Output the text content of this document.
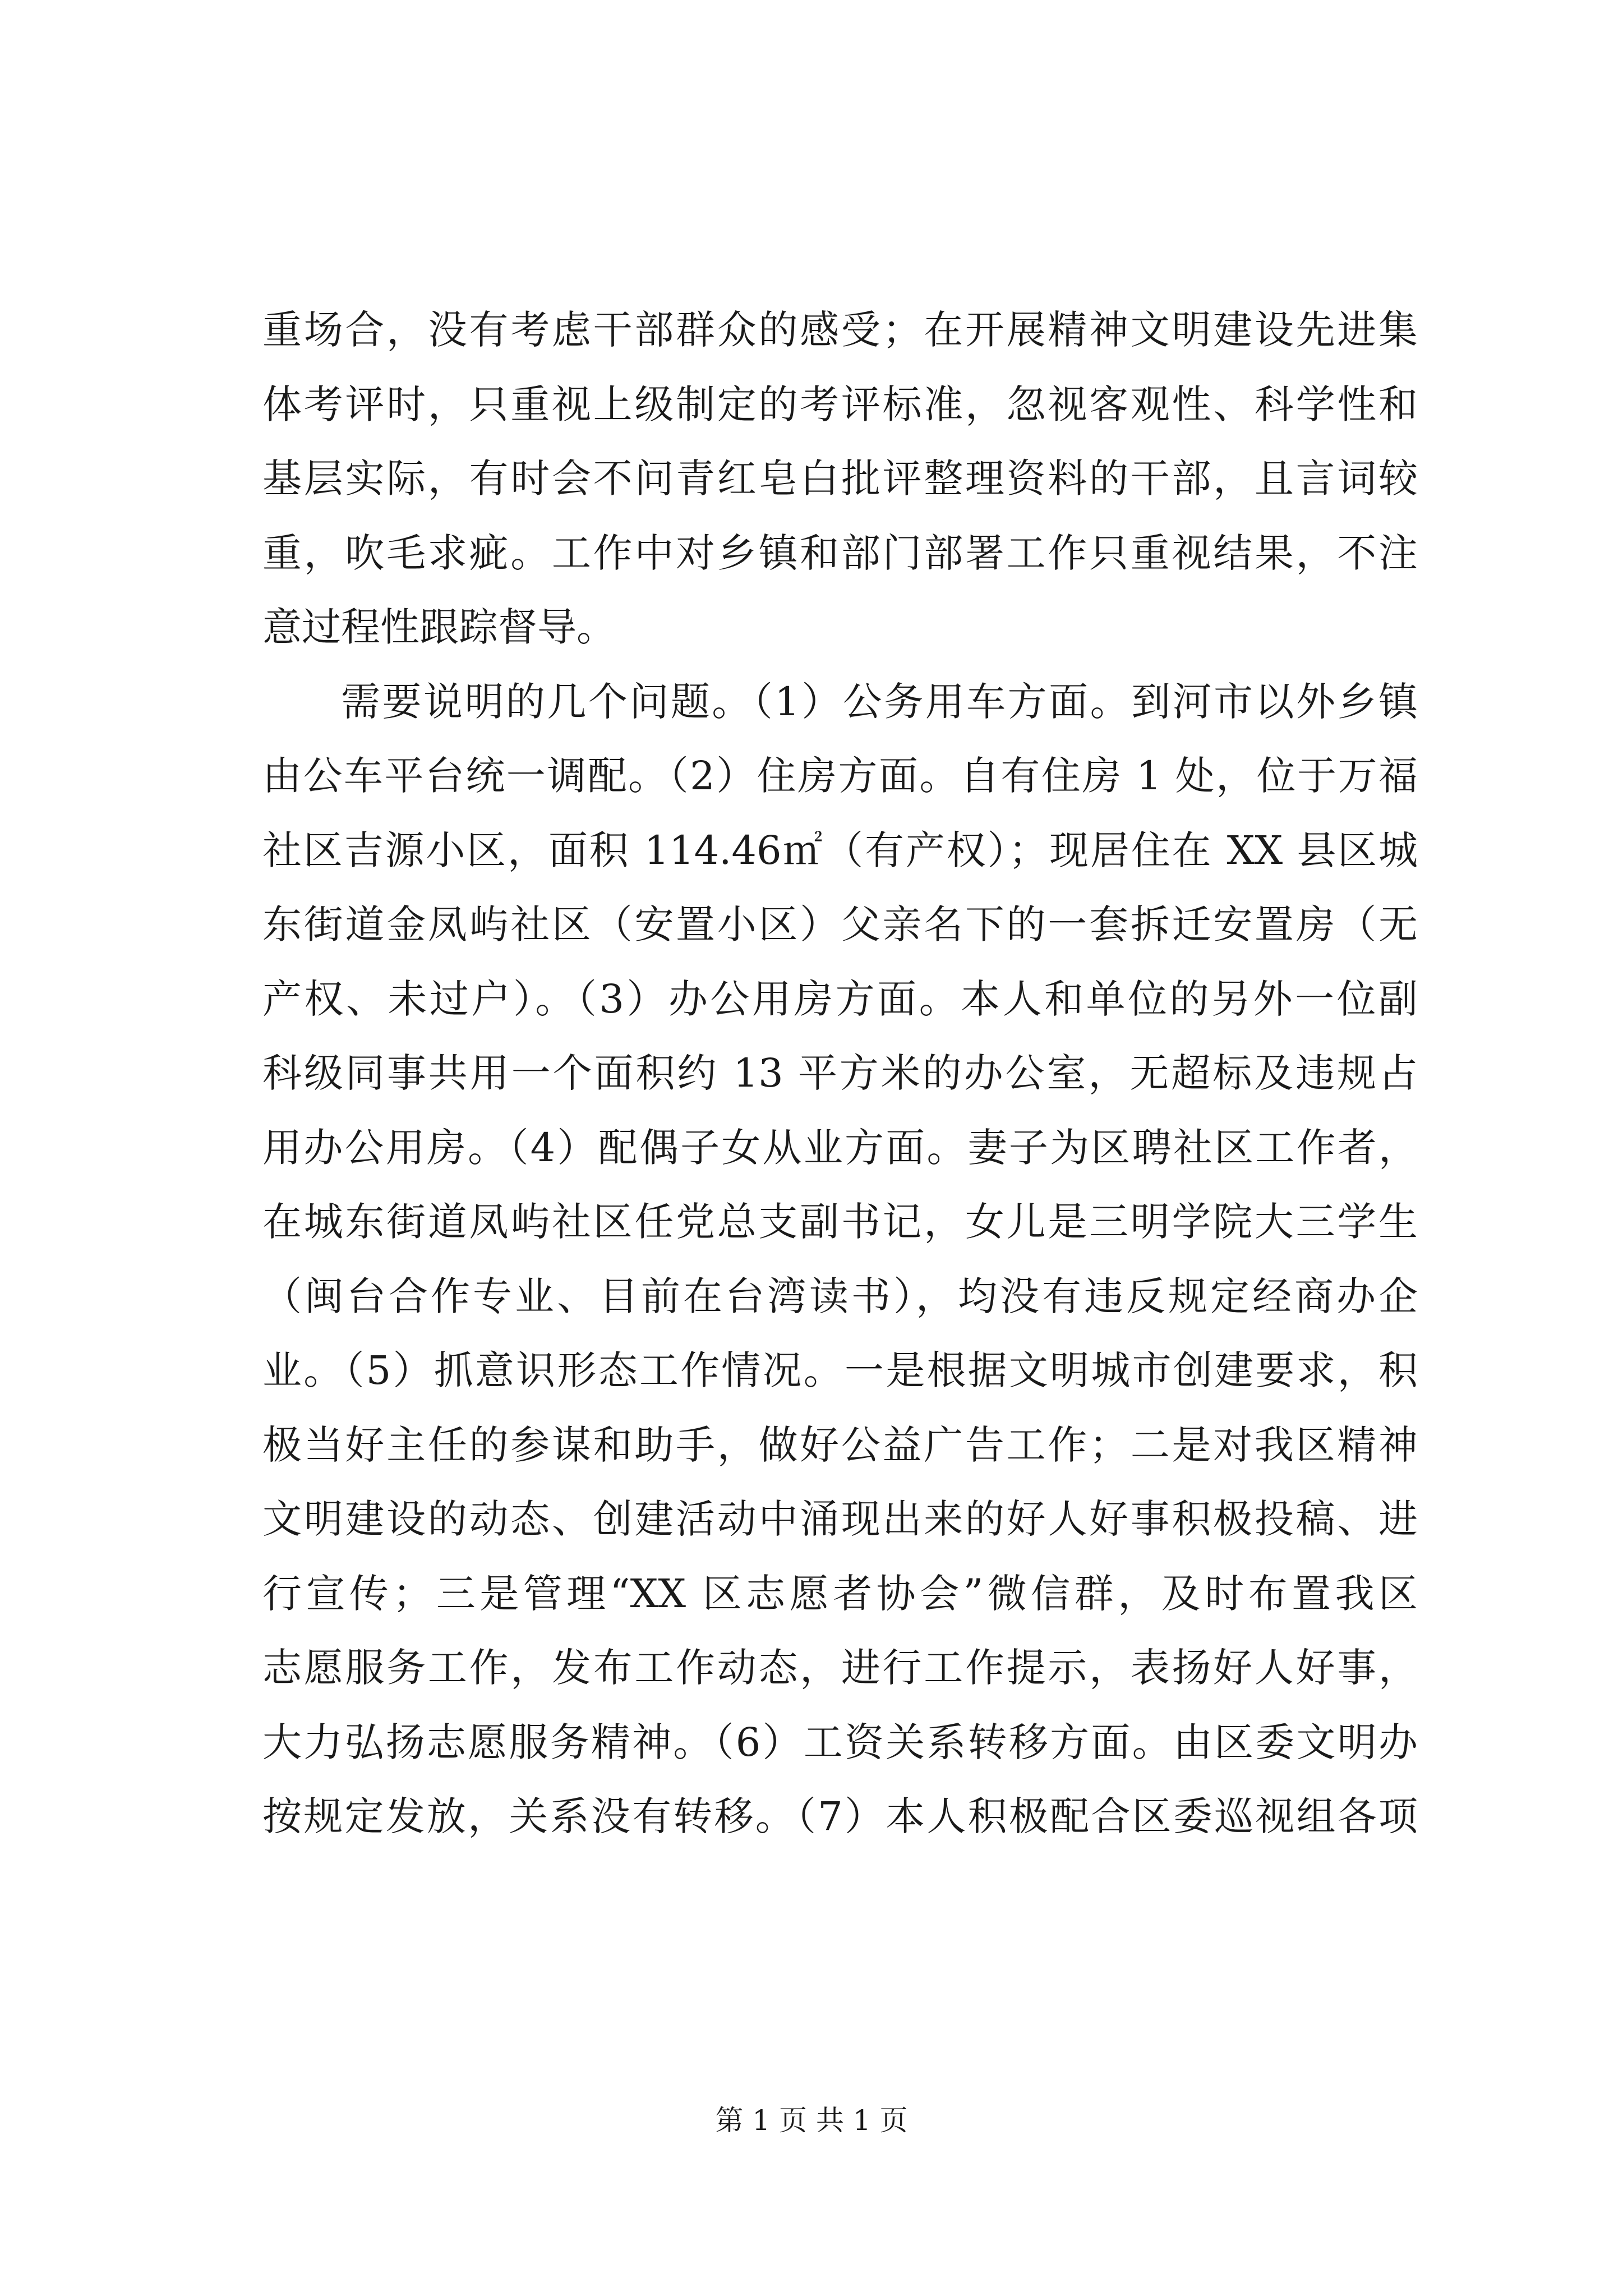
重场合，没有考虑干部群众的感受；在开展精神文明建设先进集
体考评时，只重视上级制定的考评标准，忽视客观性、科学性和
基层实际，有时会不问青红皂白批评整理资料的干部，且言词较
重，吹毛求疵。工作中对乡镇和部门部署工作只重视结果，不注
意过程性跟踪督导。
需要说明的几个问题。（1）公务用车方面。到河市以外乡镇
由公车平台统一调配。（2）住房方面。自有住房 1 处，位于万福
社区吉源小区，面积 114.46㎡（有产权）；现居住在 XX 县区城
东街道金凤屿社区（安置小区）父亲名下的一套拆迁安置房（无
产权、未过户）。（3）办公用房方面。本人和单位的另外一位副
科级同事共用一个面积约 13 平方米的办公室，无超标及违规占
用办公用房。（4）配偶子女从业方面。妻子为区聘社区工作者，
在城东街道凤屿社区任党总支副书记，女儿是三明学院大三学生
（闽台合作专业、目前在台湾读书），均没有违反规定经商办企
业。（5）抓意识形态工作情况。一是根据文明城市创建要求，积
极当好主任的参谋和助手，做好公益广告工作；二是对我区精神
文明建设的动态、创建活动中涌现出来的好人好事积极投稿、进
行宣传；三是管理“XX 区志愿者协会”微信群，及时布置我区
志愿服务工作，发布工作动态，进行工作提示，表扬好人好事，
大力弘扬志愿服务精神。（6）工资关系转移方面。由区委文明办
按规定发放，关系没有转移。（7）本人积极配合区委巡视组各项
第 1 页 共 1 页
